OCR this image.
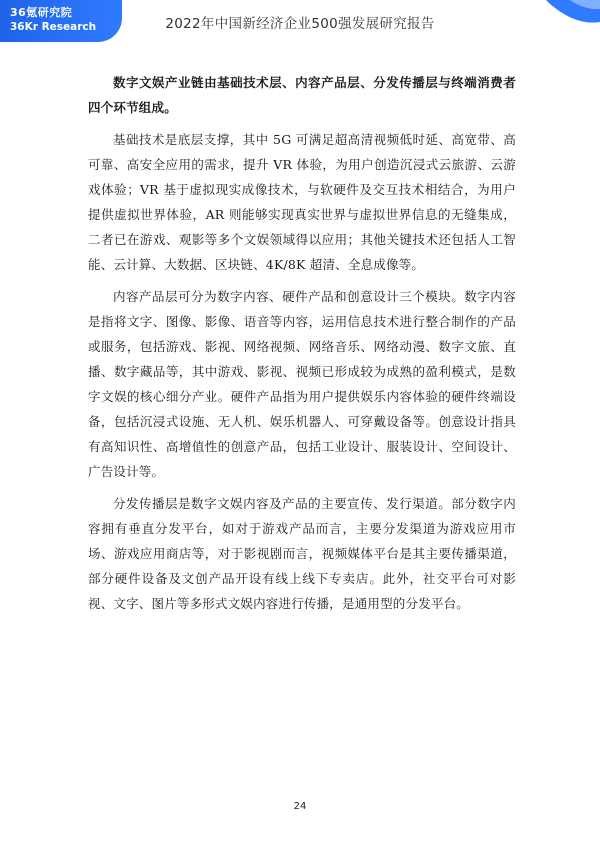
36氪研究院
36Kr Research	2022年中国新经济企业500强发展研究报告

数字文娱产业链由基础技术层、内容产品层、分发传播层与终端消费者四个环节组成。

基础技术是底层支撑，其中 5G 可满足超高清视频低时延、高宽带、高可靠、高安全应用的需求，提升 VR 体验，为用户创造沉浸式云旅游、云游戏体验；VR 基于虚拟现实成像技术，与软硬件及交互技术相结合，为用户提供虚拟世界体验，AR 则能够实现真实世界与虚拟世界信息的无缝集成，二者已在游戏、观影等多个文娱领域得以应用；其他关键技术还包括人工智能、云计算、大数据、区块链、4K/8K 超清、全息成像等。

内容产品层可分为数字内容、硬件产品和创意设计三个模块。数字内容是指将文字、图像、影像、语音等内容，运用信息技术进行整合制作的产品或服务，包括游戏、影视、网络视频、网络音乐、网络动漫、数字文旅、直播、数字藏品等，其中游戏、影视、视频已形成较为成熟的盈利模式，是数字文娱的核心细分产业。硬件产品指为用户提供娱乐内容体验的硬件终端设备，包括沉浸式设施、无人机、娱乐机器人、可穿戴设备等。创意设计指具有高知识性、高增值性的创意产品，包括工业设计、服装设计、空间设计、广告设计等。

分发传播层是数字文娱内容及产品的主要宣传、发行渠道。部分数字内容拥有垂直分发平台，如对于游戏产品而言，主要分发渠道为游戏应用市场、游戏应用商店等，对于影视剧而言，视频媒体平台是其主要传播渠道，部分硬件设备及文创产品开设有线上线下专卖店。此外，社交平台可对影视、文字、图片等多形式文娱内容进行传播，是通用型的分发平台。

24
